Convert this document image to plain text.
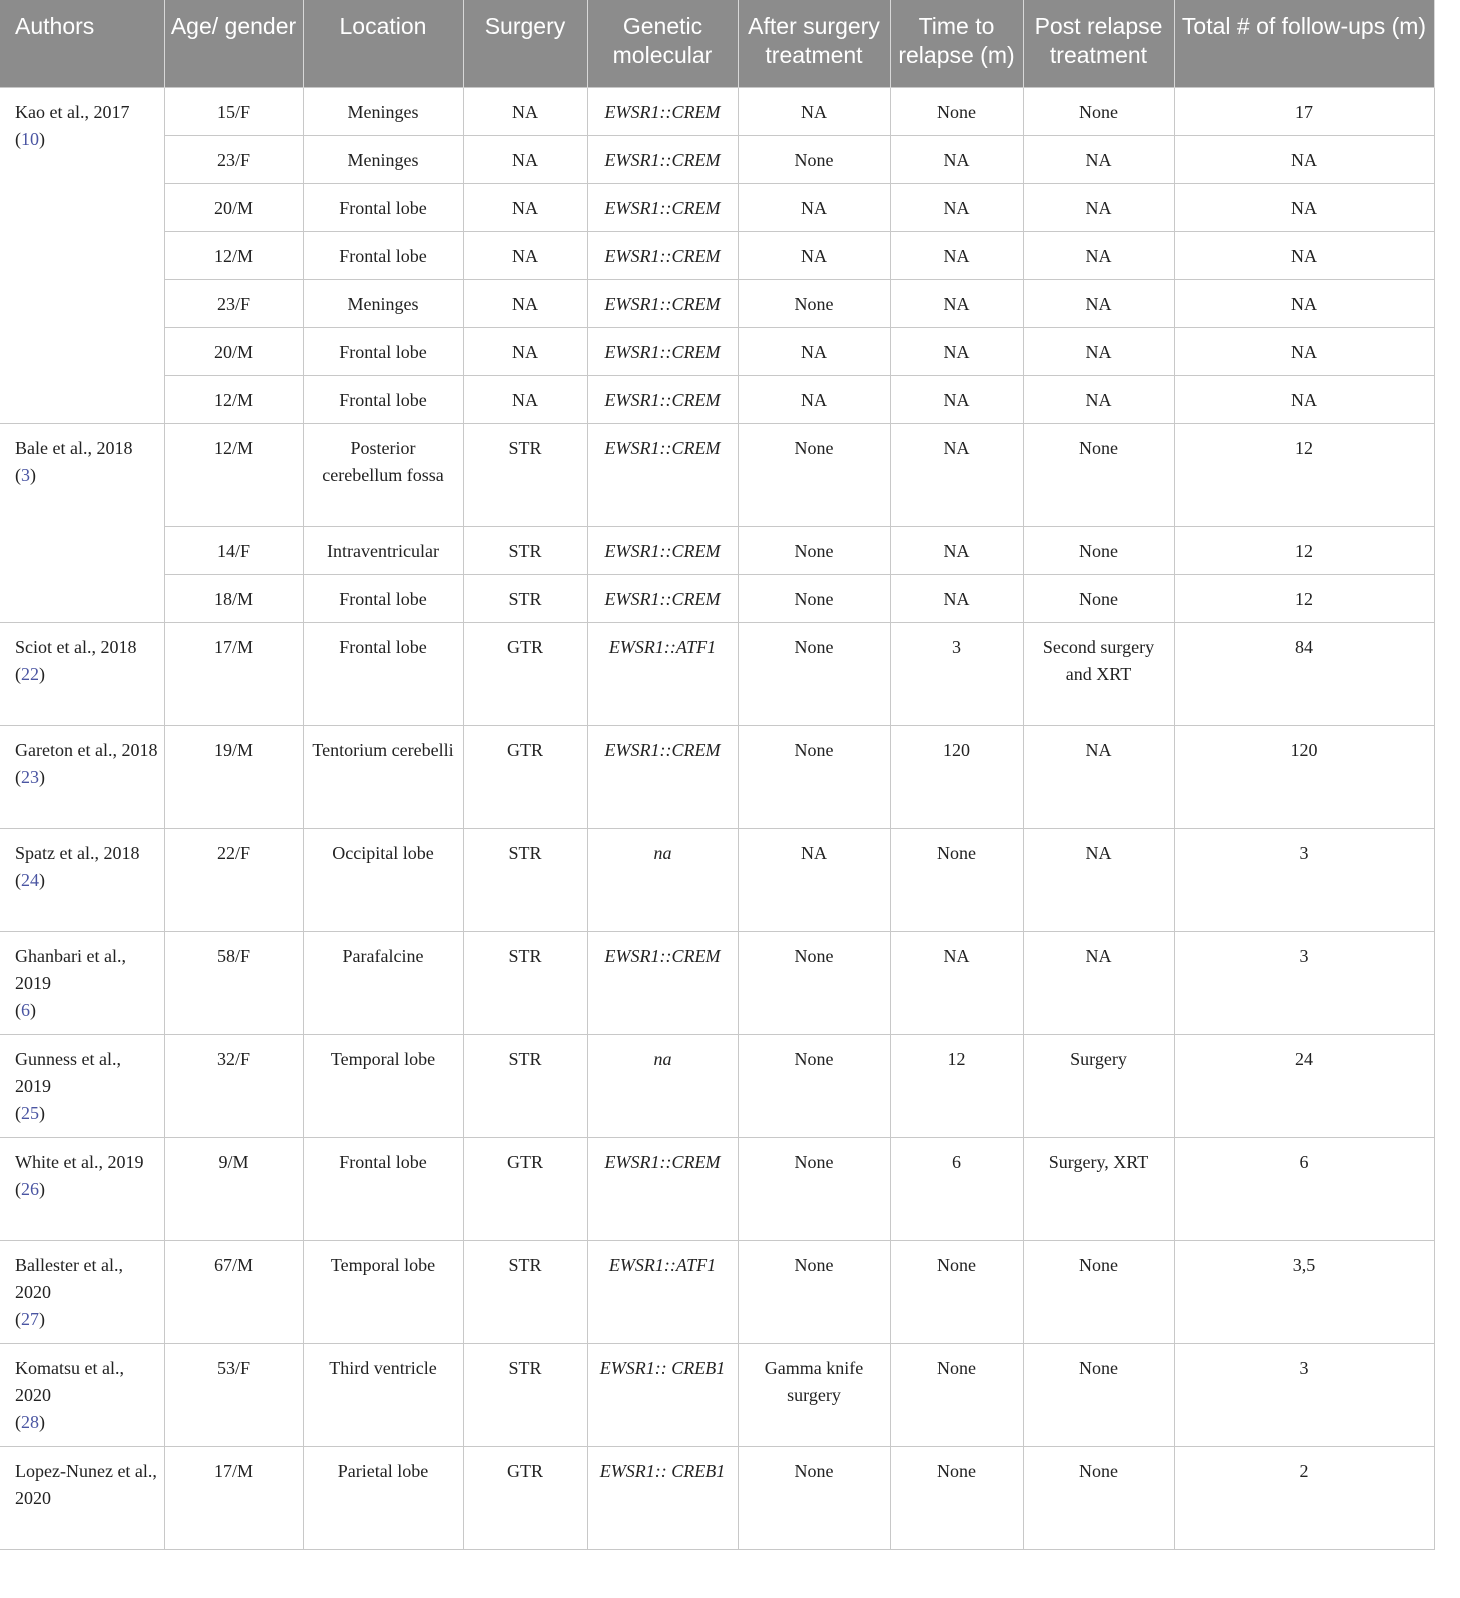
Authors	Age/ gender	Location	Surgery	Genetic molecular	After surgery treatment	Time to relapse (m)	Post relapse treatment	Total # of follow-ups (m)
Kao et al., 2017
(10)	15/F	Meninges	NA	EWSR1::CREM	NA	None	None	17
	23/F	Meninges	NA	EWSR1::CREM	None	NA	NA	NA
	20/M	Frontal lobe	NA	EWSR1::CREM	NA	NA	NA	NA
	12/M	Frontal lobe	NA	EWSR1::CREM	NA	NA	NA	NA
	23/F	Meninges	NA	EWSR1::CREM	None	NA	NA	NA
	20/M	Frontal lobe	NA	EWSR1::CREM	NA	NA	NA	NA
	12/M	Frontal lobe	NA	EWSR1::CREM	NA	NA	NA	NA
Bale et al., 2018
(3)	12/M	Posterior cerebellum fossa	STR	EWSR1::CREM	None	NA	None	12
	14/F	Intraventricular	STR	EWSR1::CREM	None	NA	None	12
	18/M	Frontal lobe	STR	EWSR1::CREM	None	NA	None	12
Sciot et al., 2018
(22)	17/M	Frontal lobe	GTR	EWSR1::ATF1	None	3	Second surgery and XRT	84
Gareton et al., 2018
(23)	19/M	Tentorium cerebelli	GTR	EWSR1::CREM	None	120	NA	120
Spatz et al., 2018
(24)	22/F	Occipital lobe	STR	na	NA	None	NA	3
Ghanbari et al., 2019
(6)	58/F	Parafalcine	STR	EWSR1::CREM	None	NA	NA	3
Gunness et al., 2019
(25)	32/F	Temporal lobe	STR	na	None	12	Surgery	24
White et al., 2019
(26)	9/M	Frontal lobe	GTR	EWSR1::CREM	None	6	Surgery, XRT	6
Ballester et al., 2020
(27)	67/M	Temporal lobe	STR	EWSR1::ATF1	None	None	None	3,5
Komatsu et al., 2020
(28)	53/F	Third ventricle	STR	EWSR1:: CREB1	Gamma knife surgery	None	None	3
Lopez-Nunez et al., 2020	17/M	Parietal lobe	GTR	EWSR1:: CREB1	None	None	None	2
